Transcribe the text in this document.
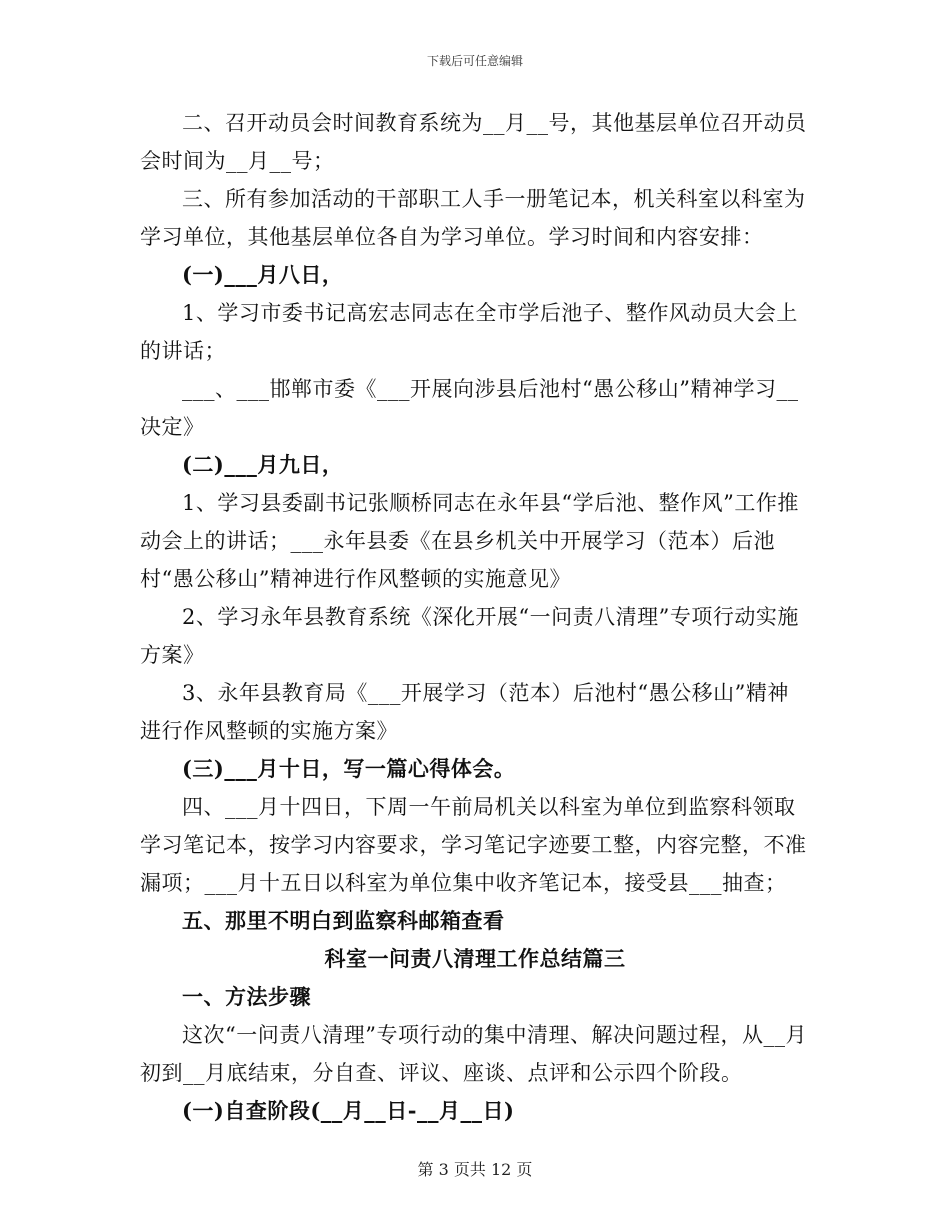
下载后可任意编辑

二、召开动员会时间教育系统为__月__号，其他基层单位召开动员会时间为__月__号；

三、所有参加活动的干部职工人手一册笔记本，机关科室以科室为学习单位，其他基层单位各自为学习单位。学习时间和内容安排：

(一)___月八日，

1、学习市委书记高宏志同志在全市学后池子、整作风动员大会上的讲话；

___、___邯郸市委《___开展向涉县后池村“愚公移山”精神学习__决定》

(二)___月九日，

1、学习县委副书记张顺桥同志在永年县“学后池、整作风”工作推动会上的讲话；___永年县委《在县乡机关中开展学习（范本）后池村“愚公移山”精神进行作风整顿的实施意见》

2、学习永年县教育系统《深化开展“一问责八清理”专项行动实施方案》

3、永年县教育局《___开展学习（范本）后池村“愚公移山”精神进行作风整顿的实施方案》

(三)___月十日，写一篇心得体会。

四、___月十四日，下周一午前局机关以科室为单位到监察科领取学习笔记本，按学习内容要求，学习笔记字迹要工整，内容完整，不准漏项；___月十五日以科室为单位集中收齐笔记本，接受县___抽查；

五、那里不明白到监察科邮箱查看

科室一问责八清理工作总结篇三

一、方法步骤

这次“一问责八清理”专项行动的集中清理、解决问题过程，从__月初到__月底结束，分自查、评议、座谈、点评和公示四个阶段。

(一)自查阶段(__月__日-__月__日)

第 3 页共 12 页
